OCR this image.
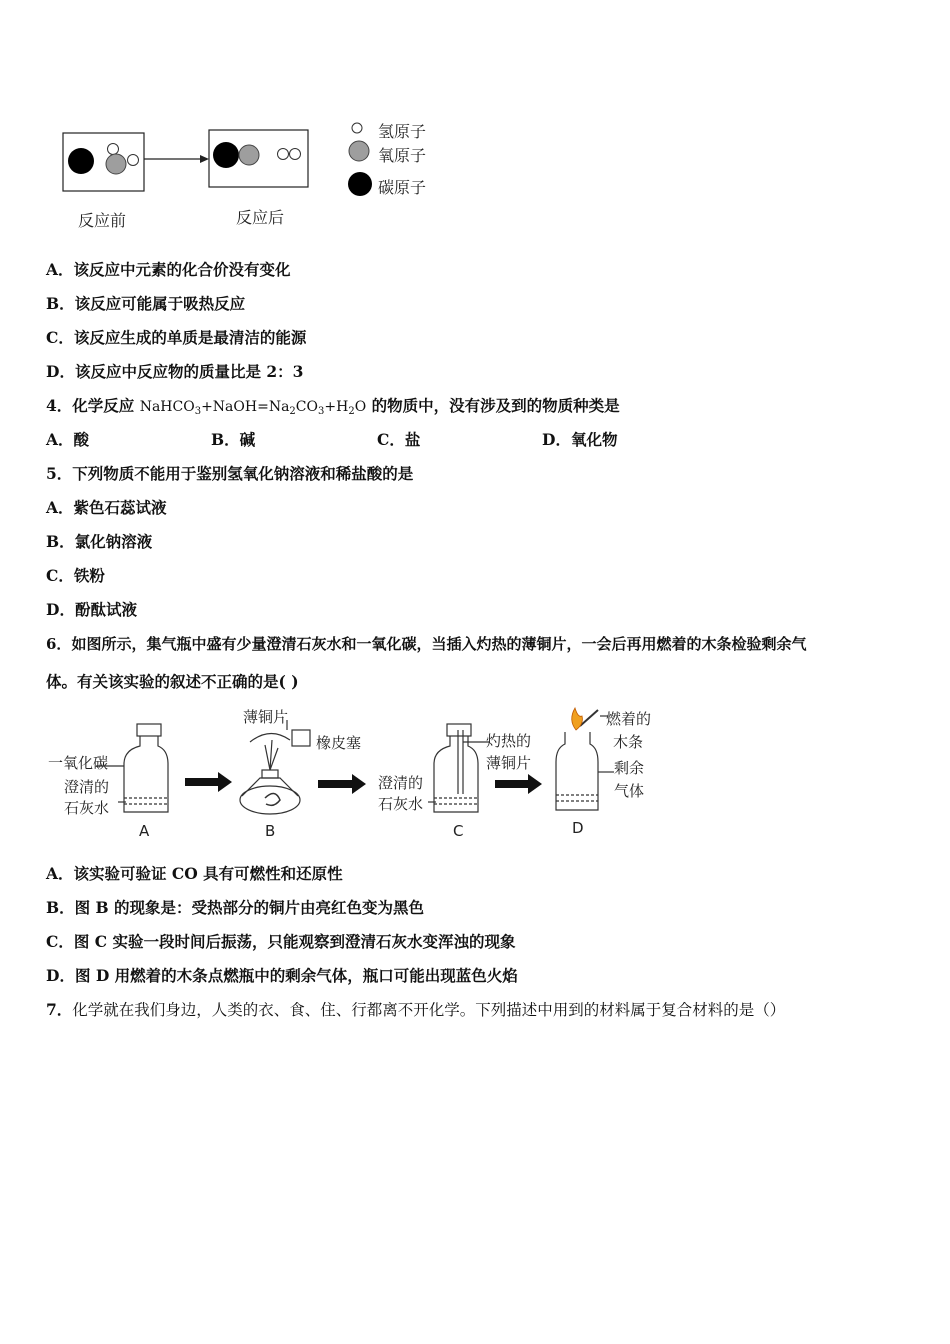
反应前	反应后
氢原子
氧原子
碳原子
A．该反应中元素的化合价没有变化
B．该反应可能属于吸热反应
C．该反应生成的单质是最清洁的能源
D．该反应中反应物的质量比是 2：3
4．化学反应 $NaHCO_3+NaOH=Na_2CO_3+H_2O$ 的物质中，没有涉及到的物质种类是
A．酸	B．碱	C．盐	D．氧化物
5．下列物质不能用于鉴别氢氧化钠溶液和稀盐酸的是
A．紫色石蕊试液
B．氯化钠溶液
C．铁粉
D．酚酞试液
6．如图所示，集气瓶中盛有少量澄清石灰水和一氧化碳，当插入灼热的薄铜片，一会后再用燃着的木条检验剩余气
体。有关该实验的叙述不正确的是( )
一氧化碳
澄清的
石灰水
A
薄铜片
橡皮塞
B
澄清的
石灰水
灼热的
薄铜片
C
燃着的
木条
剩余
气体
D
A．该实验可验证 CO 具有可燃性和还原性
B．图 B 的现象是：受热部分的铜片由亮红色变为黑色
C．图 C 实验一段时间后振荡，只能观察到澄清石灰水变浑浊的现象
D．图 D 用燃着的木条点燃瓶中的剩余气体，瓶口可能出现蓝色火焰
7．化学就在我们身边，人类的衣、食、住、行都离不开化学。下列描述中用到的材料属于复合材料的是（）
